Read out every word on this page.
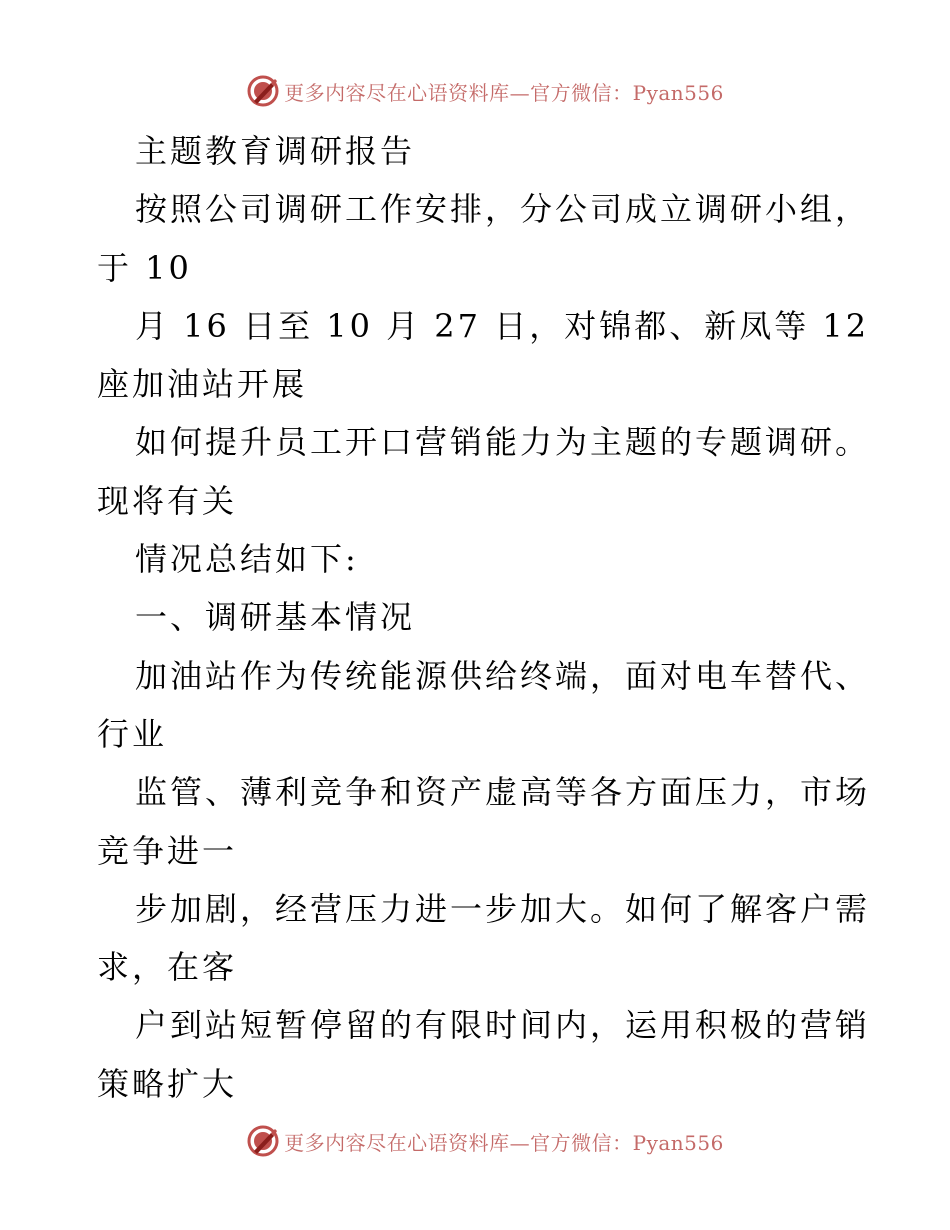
更多内容尽在心语资料库—官方微信：Pyan556
主题教育调研报告
按照公司调研工作安排，分公司成立调研小组，
于 10
月 16 日至 10 月 27 日，对锦都、新凤等 12
座加油站开展
如何提升员工开口营销能力为主题的专题调研。
现将有关
情况总结如下:
一、调研基本情况
加油站作为传统能源供给终端，面对电车替代、
行业
监管、薄利竞争和资产虚高等各方面压力，市场
竞争进一
步加剧，经营压力进一步加大。如何了解客户需
求，在客
户到站短暂停留的有限时间内，运用积极的营销
策略扩大
更多内容尽在心语资料库—官方微信：Pyan556
